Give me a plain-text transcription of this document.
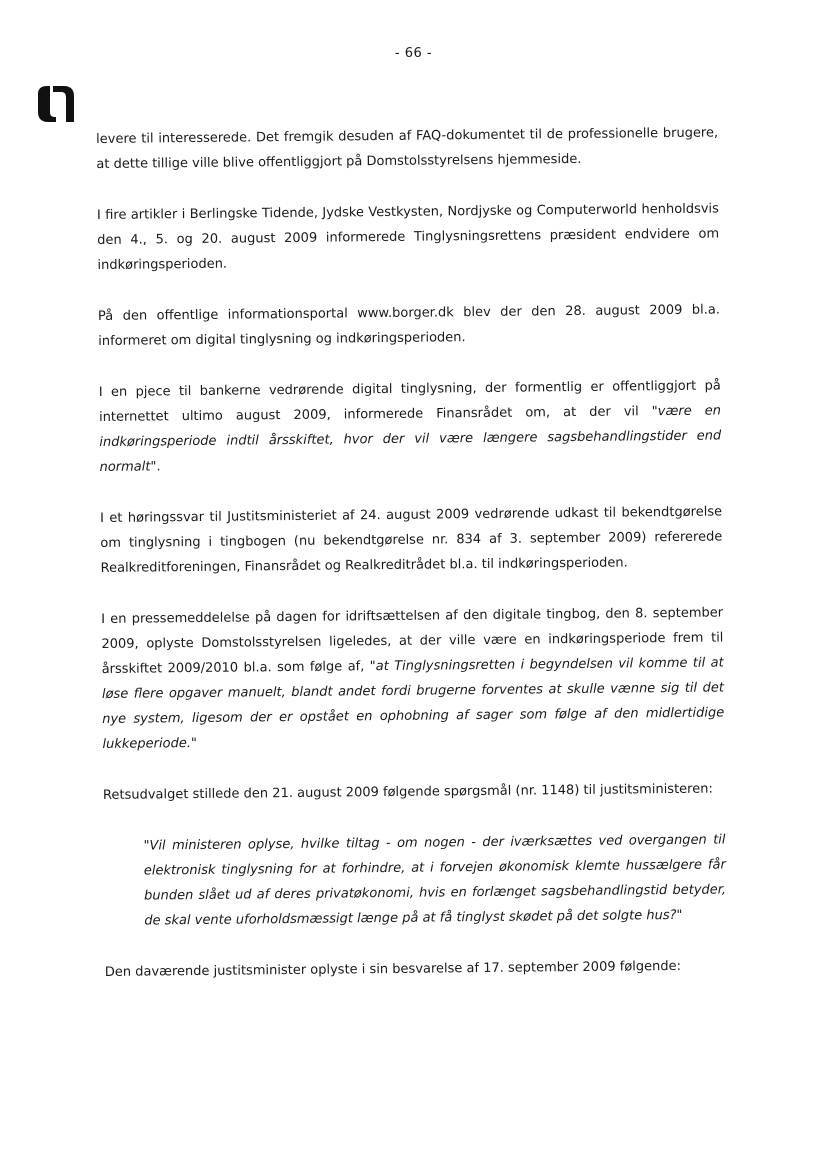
- 66 -

levere til interesserede. Det fremgik desuden af FAQ-dokumentet til de professionelle brugere, at dette tillige ville blive offentliggjort på Domstolsstyrelsens hjemmeside.

I fire artikler i Berlingske Tidende, Jydske Vestkysten, Nordjyske og Computerworld henholdsvis den 4., 5. og 20. august 2009 informerede Tinglysningsrettens præsident endvidere om indkøringsperioden.

På den offentlige informationsportal www.borger.dk blev der den 28. august 2009 bl.a. informeret om digital tinglysning og indkøringsperioden.

I en pjece til bankerne vedrørende digital tinglysning, der formentlig er offentliggjort på internettet ultimo august 2009, informerede Finansrådet om, at der vil "være en indkøringsperiode indtil årsskiftet, hvor der vil være længere sagsbehandlingstider end normalt".

I et høringssvar til Justitsministeriet af 24. august 2009 vedrørende udkast til bekendtgørelse om tinglysning i tingbogen (nu bekendtgørelse nr. 834 af 3. september 2009) refererede Realkreditforeningen, Finansrådet og Realkreditrådet bl.a. til indkøringsperioden.

I en pressemeddelelse på dagen for idriftsættelsen af den digitale tingbog, den 8. september 2009, oplyste Domstolsstyrelsen ligeledes, at der ville være en indkøringsperiode frem til årsskiftet 2009/2010 bl.a. som følge af, "at Tinglysningsretten i begyndelsen vil komme til at løse flere opgaver manuelt, blandt andet fordi brugerne forventes at skulle vænne sig til det nye system, ligesom der er opstået en ophobning af sager som følge af den midlertidige lukkeperiode."

Retsudvalget stillede den 21. august 2009 følgende spørgsmål (nr. 1148) til justitsministeren:

"Vil ministeren oplyse, hvilke tiltag - om nogen - der iværksættes ved overgangen til elektronisk tinglysning for at forhindre, at i forvejen økonomisk klemte hussælgere får bunden slået ud af deres privatøkonomi, hvis en forlænget sagsbehandlingstid betyder, de skal vente uforholdsmæssigt længe på at få tinglyst skødet på det solgte hus?"

Den daværende justitsminister oplyste i sin besvarelse af 17. september 2009 følgende:
